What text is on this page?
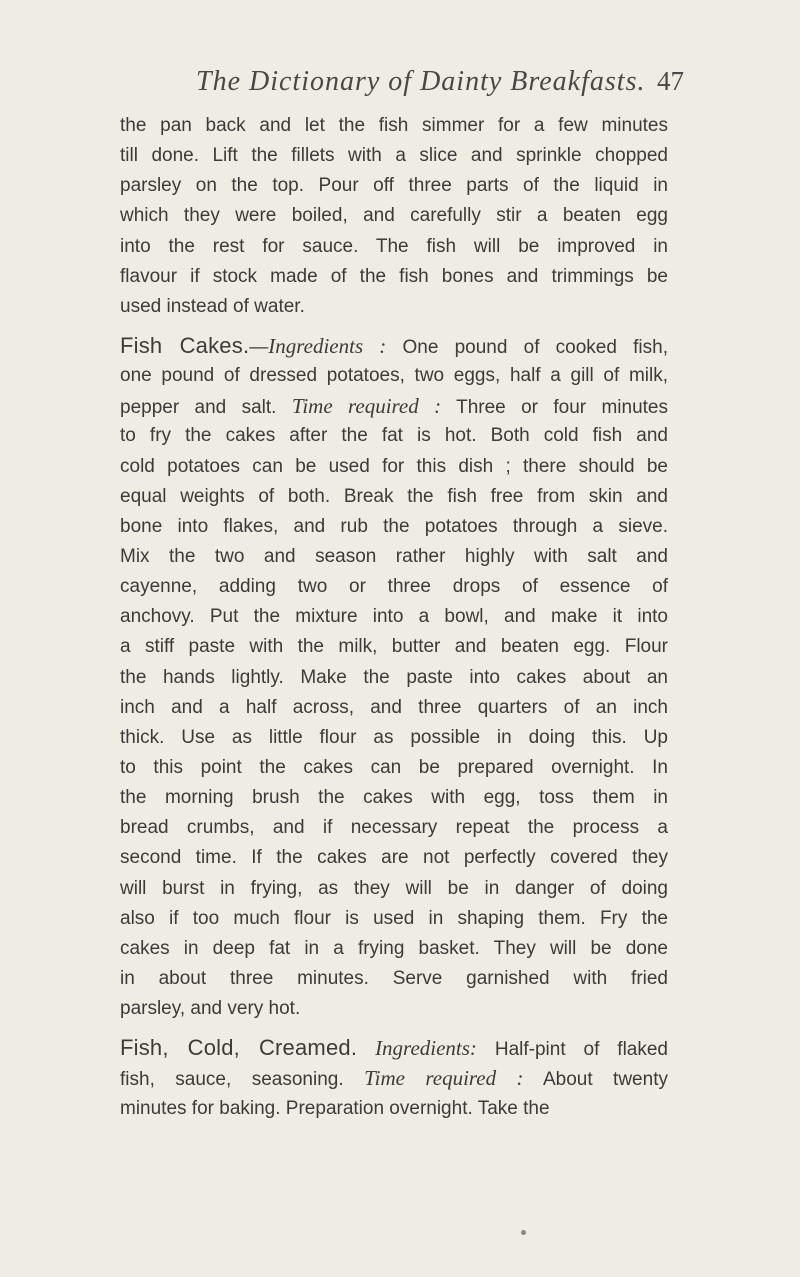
The Dictionary of Dainty Breakfasts. 47
the pan back and let the fish simmer for a few minutes
till done. Lift the fillets with a slice and sprinkle chopped
parsley on the top. Pour off three parts of the liquid in
which they were boiled, and carefully stir a beaten egg
into the rest for sauce. The fish will be improved in
flavour if stock made of the fish bones and trimmings be
used instead of water.
Fish Cakes.—Ingredients : One pound of cooked fish,
one pound of dressed potatoes, two eggs, half a gill of milk,
pepper and salt. Time required : Three or four minutes
to fry the cakes after the fat is hot. Both cold fish and
cold potatoes can be used for this dish ; there should be
equal weights of both. Break the fish free from skin and
bone into flakes, and rub the potatoes through a sieve.
Mix the two and season rather highly with salt and
cayenne, adding two or three drops of essence of
anchovy. Put the mixture into a bowl, and make it into
a stiff paste with the milk, butter and beaten egg. Flour
the hands lightly. Make the paste into cakes about an
inch and a half across, and three quarters of an inch
thick. Use as little flour as possible in doing this. Up
to this point the cakes can be prepared overnight. In
the morning brush the cakes with egg, toss them in
bread crumbs, and if necessary repeat the process a
second time. If the cakes are not perfectly covered they
will burst in frying, as they will be in danger of doing
also if too much flour is used in shaping them. Fry the
cakes in deep fat in a frying basket. They will be done
in about three minutes. Serve garnished with fried
parsley, and very hot.
Fish, Cold, Creamed. Ingredients: Half-pint of flaked
fish, sauce, seasoning. Time required : About twenty
minutes for baking. Preparation overnight. Take the
